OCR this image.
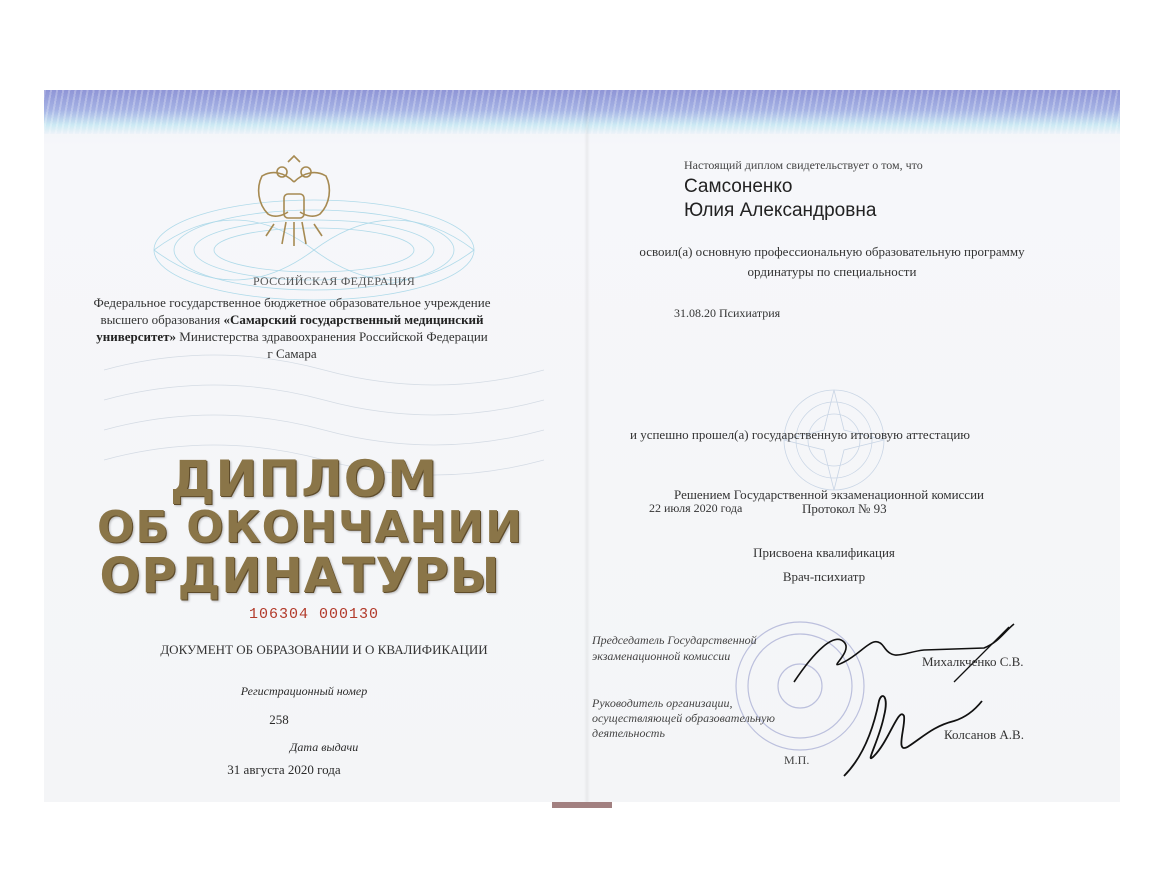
РОССИЙСКАЯ ФЕДЕРАЦИЯ
Федеральное государственное бюджетное образовательное учреждение
высшего образования «Самарский государственный медицинский
университет» Министерства здравоохранения Российской Федерации
г Самара
ДИПЛОМ
ОБ ОКОНЧАНИИ
ОРДИНАТУРЫ
106304 000130
ДОКУМЕНТ ОБ ОБРАЗОВАНИИ И О КВАЛИФИКАЦИИ
Регистрационный номер
258
Дата выдачи
31 августа 2020 года
Настоящий диплом свидетельствует о том, что
Самсоненко
Юлия Александровна
освоил(а) основную профессиональную образовательную программу
ординатуры по специальности
31.08.20 Психиатрия
и успешно прошел(а) государственную итоговую аттестацию
Решением Государственной экзаменационной комиссии
22 июля 2020 года	Протокол № 93
Присвоена квалификация
Врач-психиатр
Председатель Государственной
экзаменационной комиссии	Михалкченко С.В.
Руководитель организации,
осуществляющей образовательную
деятельность	Колсанов А.В.
М.П.
